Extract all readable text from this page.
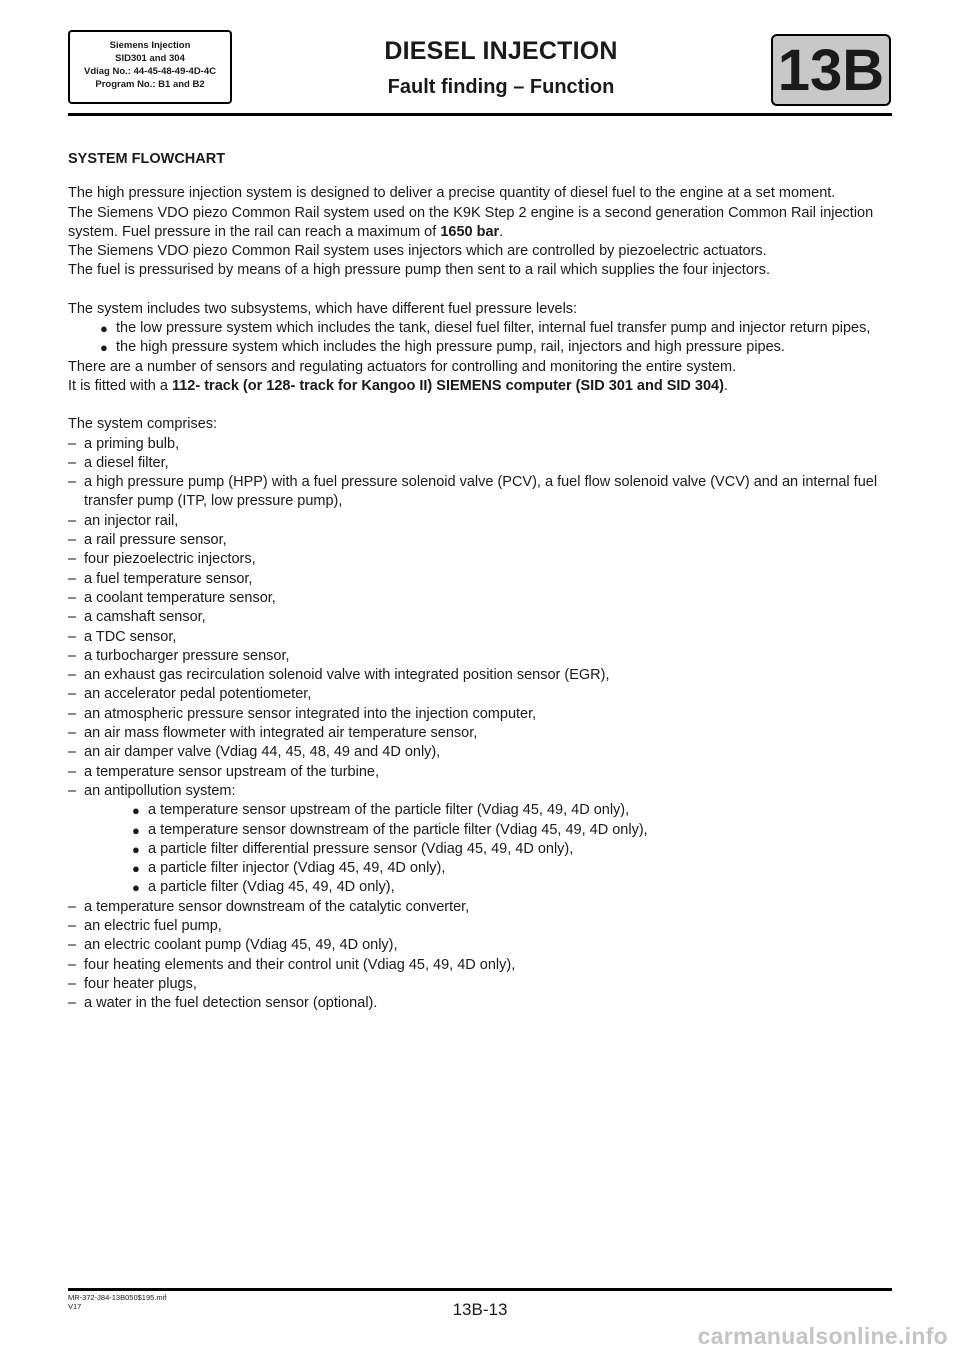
Siemens Injection
SID301 and 304
Vdiag No.: 44-45-48-49-4D-4C
Program No.: B1 and B2
DIESEL INJECTION
Fault finding – Function	13B

SYSTEM FLOWCHART

The high pressure injection system is designed to deliver a precise quantity of diesel fuel to the engine at a set moment.

The Siemens VDO piezo Common Rail system used on the K9K Step 2 engine is a second generation Common Rail injection system. Fuel pressure in the rail can reach a maximum of 1650 bar.

The Siemens VDO piezo Common Rail system uses injectors which are controlled by piezoelectric actuators.

The fuel is pressurised by means of a high pressure pump then sent to a rail which supplies the four injectors.

The system includes two subsystems, which have different fuel pressure levels:

● the low pressure system which includes the tank, diesel fuel filter, internal fuel transfer pump and injector return pipes,
● the high pressure system which includes the high pressure pump, rail, injectors and high pressure pipes.

There are a number of sensors and regulating actuators for controlling and monitoring the entire system.

It is fitted with a 112- track (or 128- track for Kangoo II) SIEMENS computer (SID 301 and SID 304).

The system comprises:

– a priming bulb,
– a diesel filter,
– a high pressure pump (HPP) with a fuel pressure solenoid valve (PCV), a fuel flow solenoid valve (VCV) and an internal fuel transfer pump (ITP, low pressure pump),
– an injector rail,
– a rail pressure sensor,
– four piezoelectric injectors,
– a fuel temperature sensor,
– a coolant temperature sensor,
– a camshaft sensor,
– a TDC sensor,
– a turbocharger pressure sensor,
– an exhaust gas recirculation solenoid valve with integrated position sensor (EGR),
– an accelerator pedal potentiometer,
– an atmospheric pressure sensor integrated into the injection computer,
– an air mass flowmeter with integrated air temperature sensor,
– an air damper valve (Vdiag 44, 45, 48, 49 and 4D only),
– a temperature sensor upstream of the turbine,
– an antipollution system:
● a temperature sensor upstream of the particle filter (Vdiag 45, 49, 4D only),
● a temperature sensor downstream of the particle filter (Vdiag 45, 49, 4D only),
● a particle filter differential pressure sensor (Vdiag 45, 49, 4D only),
● a particle filter injector (Vdiag 45, 49, 4D only),
● a particle filter (Vdiag 45, 49, 4D only),
– a temperature sensor downstream of the catalytic converter,
– an electric fuel pump,
– an electric coolant pump (Vdiag 45, 49, 4D only),
– four heating elements and their control unit (Vdiag 45, 49, 4D only),
– four heater plugs,
– a water in the fuel detection sensor (optional).
MR-372-J84-13B050$195.mif
V17	13B-13
carmanualsonline.info
